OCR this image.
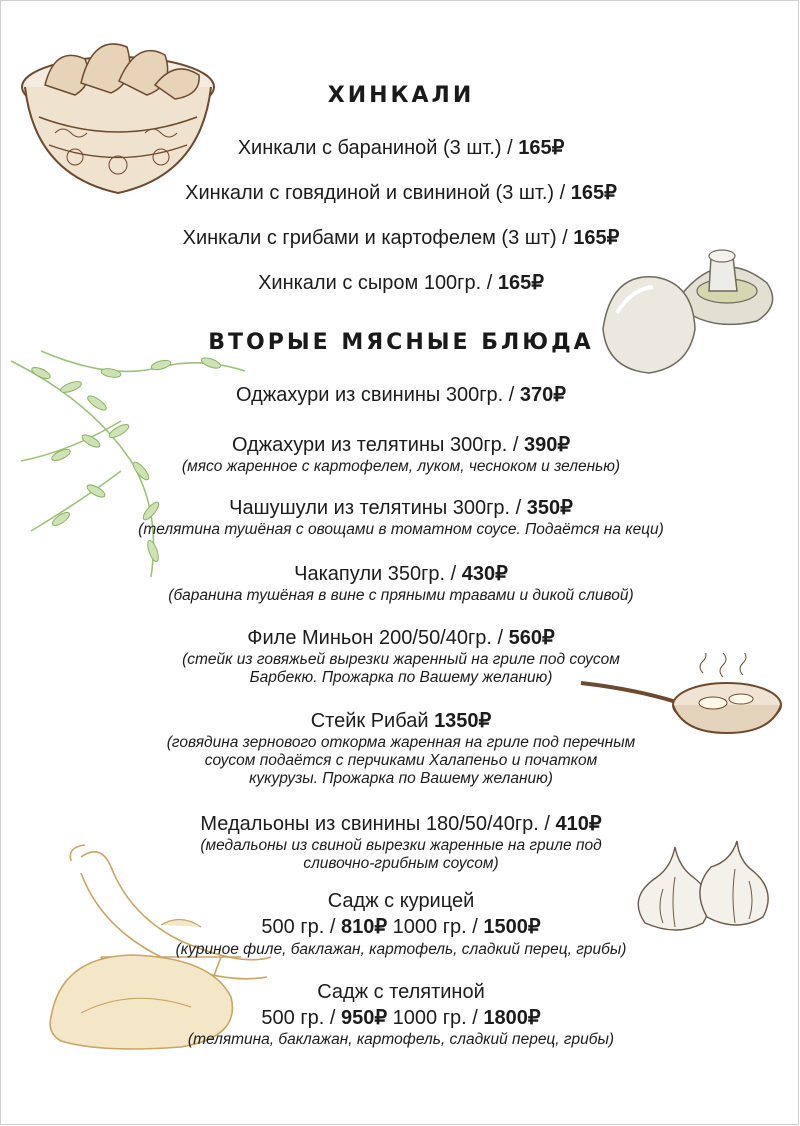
ХИНКАЛИ
Хинкали с бараниной (3 шт.) / 165₽
Хинкали с говядиной и свининой (3 шт.) / 165₽
Хинкали с грибами и картофелем (3 шт) / 165₽
Хинкали с сыром 100гр. / 165₽
ВТОРЫЕ МЯСНЫЕ БЛЮДА
Оджахури из свинины 300гр. / 370₽
Оджахури из телятины 300гр. / 390₽
(мясо жаренное с картофелем, луком, чесноком и зеленью)
Чашушули из телятины 300гр. / 350₽
(телятина тушёная с овощами в томатном соусе. Подаётся на кеци)
Чакапули 350гр. / 430₽
(баранина тушёная в вине с пряными травами и дикой сливой)
Филе Миньон 200/50/40гр. / 560₽
(стейк из говяжьей вырезки жаренный на гриле под соусом
Барбекю. Прожарка по Вашему желанию)
Стейк Рибай 1350₽
(говядина зернового откорма жаренная на гриле под перечным
соусом подаётся с перчиками Халапеньо и початком
кукурузы. Прожарка по Вашему желанию)
Медальоны из свинины 180/50/40гр. / 410₽
(медальоны из свиной вырезки жаренные на гриле под
сливочно-грибным соусом)
Садж с курицей
500 гр. / 810₽ 1000 гр. / 1500₽
(куриное филе, баклажан, картофель, сладкий перец, грибы)
Садж с телятиной
500 гр. / 950₽ 1000 гр. / 1800₽
(телятина, баклажан, картофель, сладкий перец, грибы)
